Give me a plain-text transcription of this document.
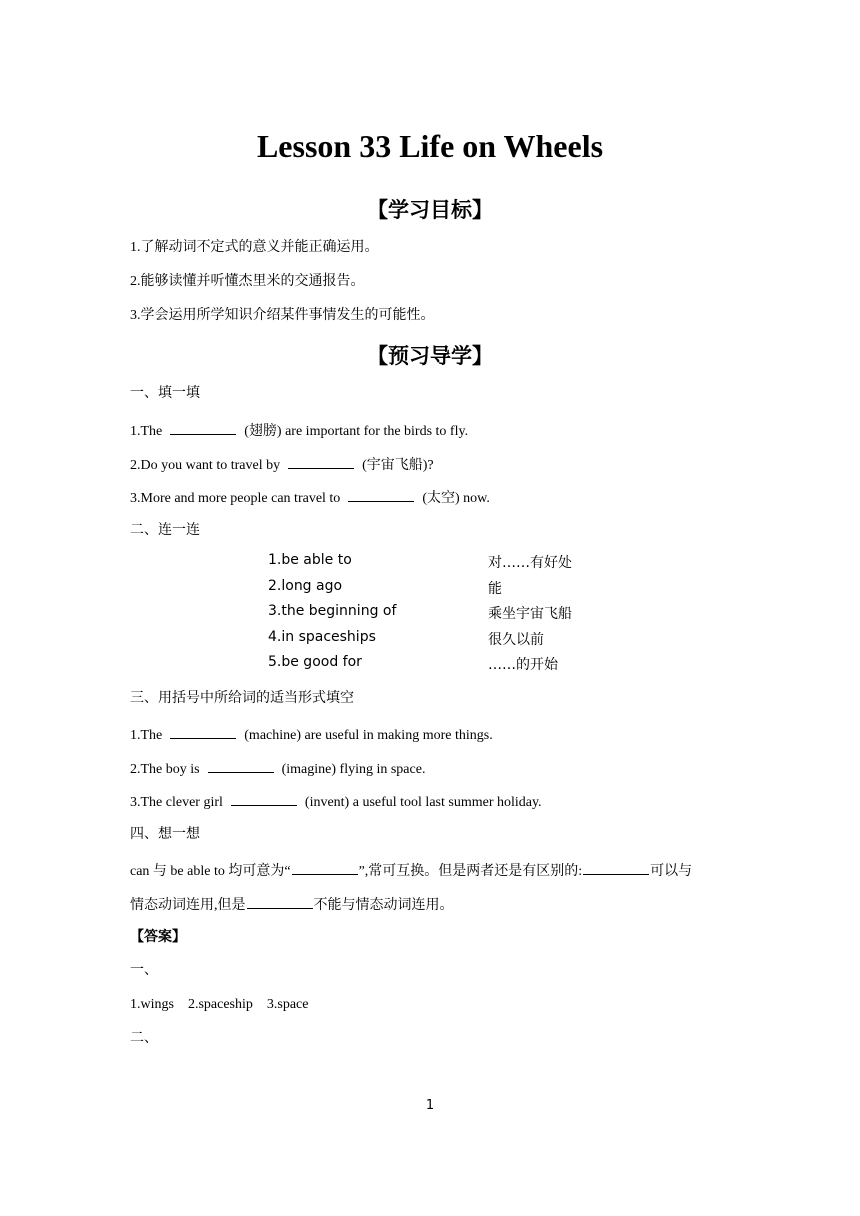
Lesson 33 Life on Wheels
【学习目标】
1.了解动词不定式的意义并能正确运用。
2.能够读懂并听懂杰里米的交通报告。
3.学会运用所学知识介绍某件事情发生的可能性。
【预习导学】
一、填一填
1.The	(翅膀) are important for the birds to fly.
2.Do you want to travel by	(宇宙飞船)?
3.More and more people can travel to	(太空) now.
二、连一连
1.be able to	对……有好处
2.long ago	能
3.the beginning of	乘坐宇宙飞船
4.in spaceships	很久以前
5.be good for	……的开始
三、用括号中所给词的适当形式填空
1.The	(machine) are useful in making more things.
2.The boy is	(imagine) flying in space.
3.The clever girl	(invent) a useful tool last summer holiday.
四、想一想
can 与 be able to 均可意为“	”,常可互换。但是两者还是有区别的:	可以与
情态动词连用,但是	不能与情态动词连用。
【答案】
一、
1.wings    2.spaceship    3.space
二、
1
